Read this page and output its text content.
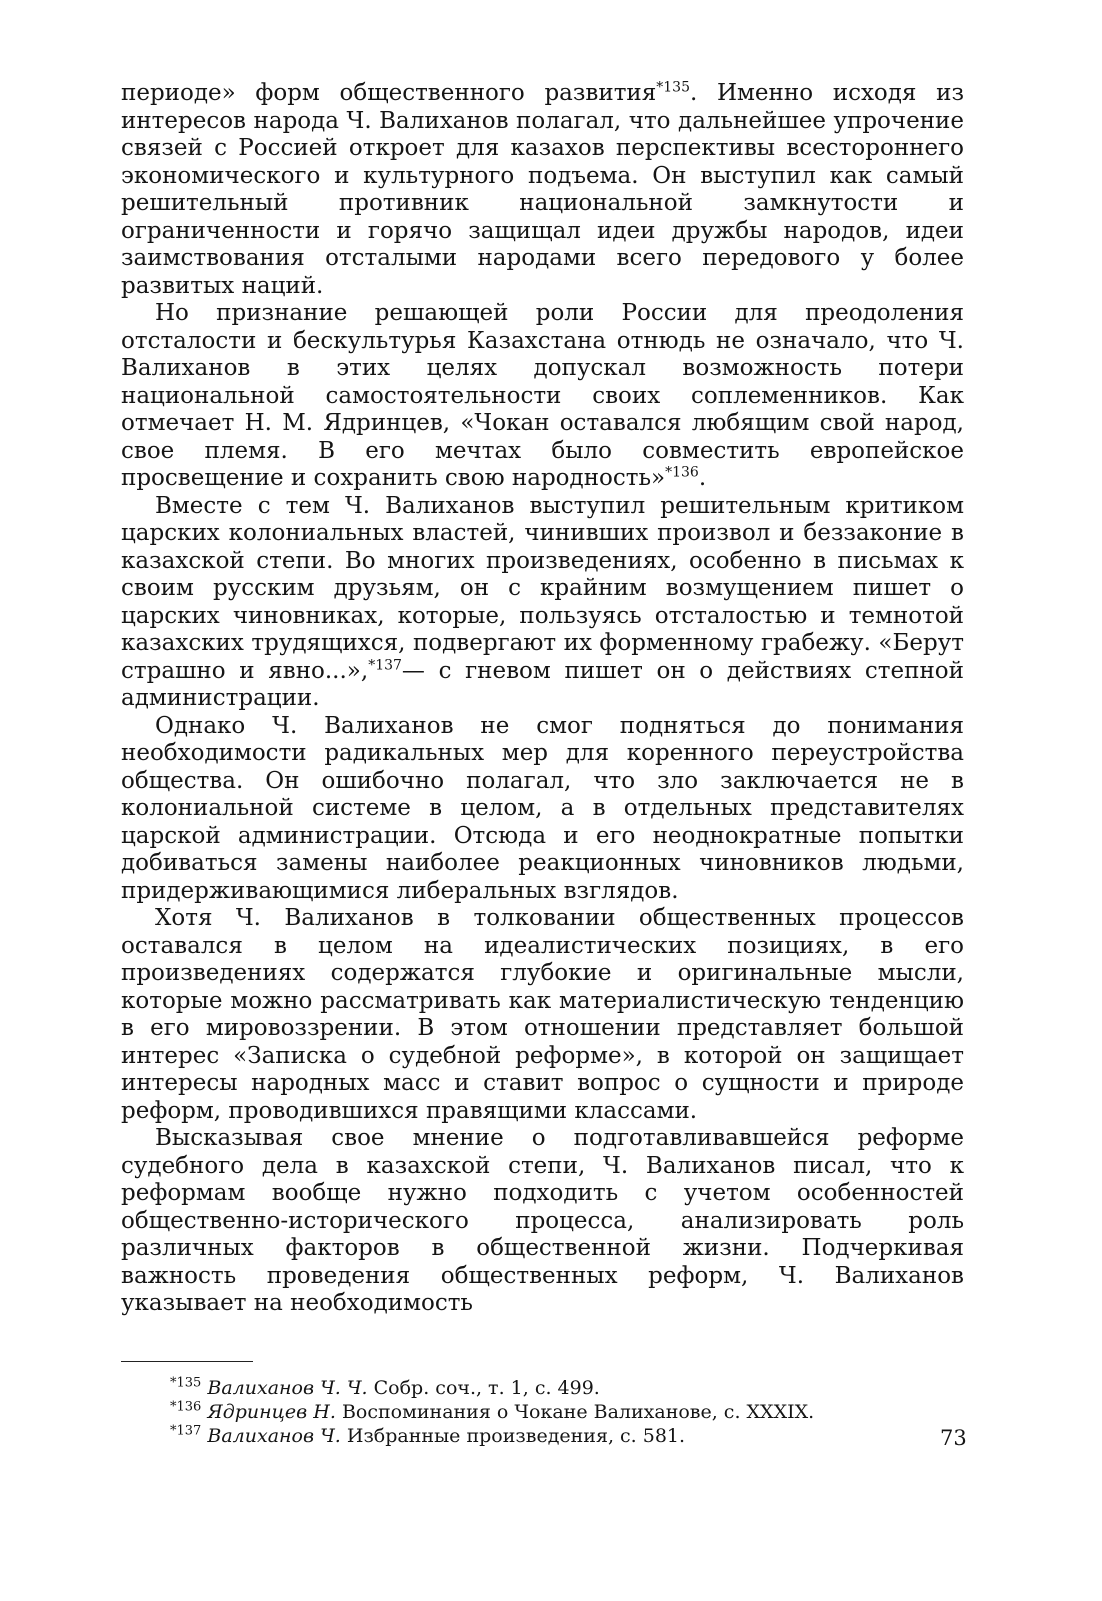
периоде» форм общественного развития$^{*135}$. Именно исходя из интересов народа Ч. Валиханов полагал, что дальнейшее упрочение связей с Россией откроет для казахов перспективы всестороннего экономического и культурного подъема. Он выступил как самый решительный противник национальной замкнутости и ограниченности и горячо защищал идеи дружбы народов, идеи заимствования отсталыми народами всего передового у более развитых наций.

Но признание решающей роли России для преодоления отсталости и бескультурья Казахстана отнюдь не означало, что Ч. Валиханов в этих целях допускал возможность потери национальной самостоятельности своих соплеменников. Как отмечает Н. М. Ядринцев, «Чокан оставался любящим свой народ, свое племя. В его мечтах было совместить европейское просвещение и сохранить свою народность»$^{*136}$.

Вместе с тем Ч. Валиханов выступил решительным критиком царских колониальных властей, чинивших произвол и беззаконие в казахской степи. Во многих произведениях, особенно в письмах к своим русским друзьям, он с крайним возмущением пишет о царских чиновниках, которые, пользуясь отсталостью и темнотой казахских трудящихся, подвергают их форменному грабежу. «Берут страшно и явно...»,$^{*137}$— с гневом пишет он о действиях степной администрации.

Однако Ч. Валиханов не смог подняться до понимания необходимости радикальных мер для коренного переустройства общества. Он ошибочно полагал, что зло заключается не в колониальной системе в целом, а в отдельных представителях царской администрации. Отсюда и его неоднократные попытки добиваться замены наиболее реакционных чиновников людьми, придерживающимися либеральных взглядов.

Хотя Ч. Валиханов в толковании общественных процессов оставался в целом на идеалистических позициях, в его произведениях содержатся глубокие и оригинальные мысли, которые можно рассматривать как материалистическую тенденцию в его мировоззрении. В этом отношении представляет большой интерес «Записка о судебной реформе», в которой он защищает интересы народных масс и ставит вопрос о сущности и природе реформ, проводившихся правящими классами.

Высказывая свое мнение о подготавливавшейся реформе судебного дела в казахской степи, Ч. Валиханов писал, что к реформам вообще нужно подходить с учетом особенностей общественно-исторического процесса, анализировать роль различных факторов в общественной жизни. Подчеркивая важность проведения общественных реформ, Ч. Валиханов указывает на необходимость

$^{*135}$ Валиханов Ч. Ч. Собр. соч., т. 1, с. 499.
$^{*136}$ Ядринцев Н. Воспоминания о Чокане Валиханове, с. XXXIX.
$^{*137}$ Валиханов Ч. Избранные произведения, с. 581.	73
